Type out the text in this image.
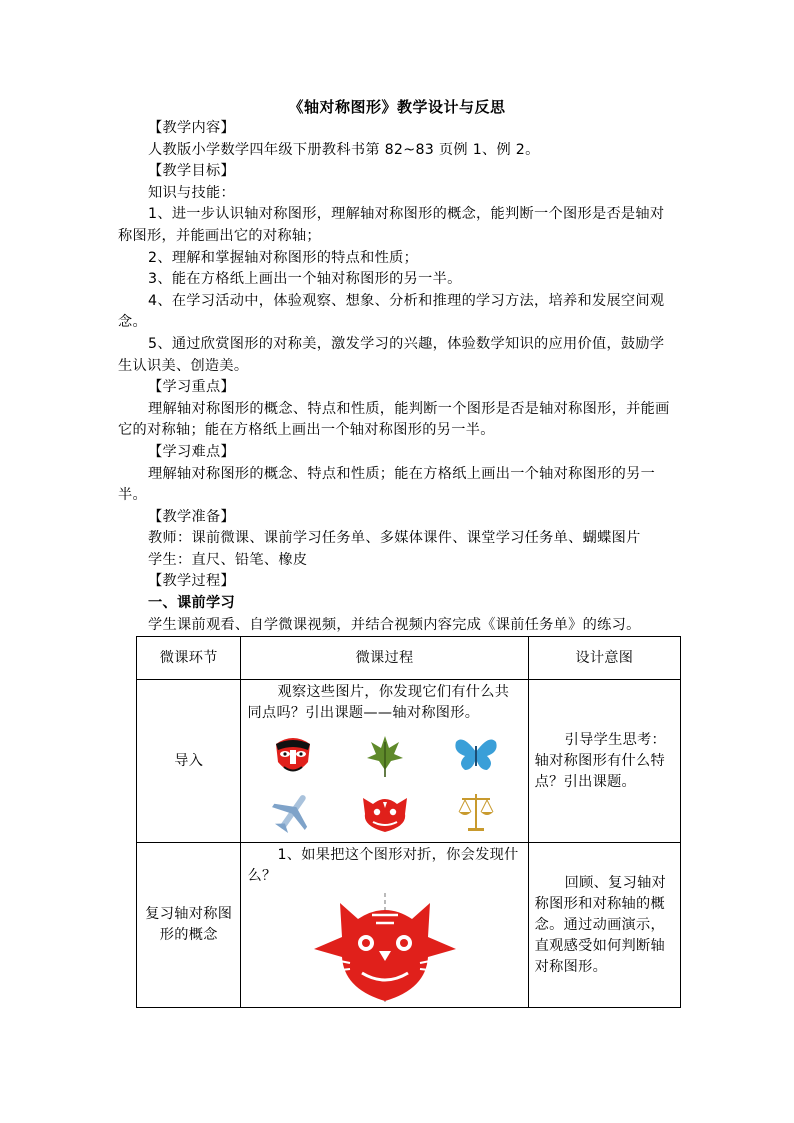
《轴对称图形》教学设计与反思

【教学内容】

人教版小学数学四年级下册教科书第 82~83 页例 1、例 2。

【教学目标】

知识与技能：

1、进一步认识轴对称图形，理解轴对称图形的概念，能判断一个图形是否是轴对称图形，并能画出它的对称轴；

2、理解和掌握轴对称图形的特点和性质；

3、能在方格纸上画出一个轴对称图形的另一半。

4、在学习活动中，体验观察、想象、分析和推理的学习方法，培养和发展空间观念。

5、通过欣赏图形的对称美，激发学习的兴趣，体验数学知识的应用价值，鼓励学生认识美、创造美。

【学习重点】

理解轴对称图形的概念、特点和性质，能判断一个图形是否是轴对称图形，并能画它的对称轴；能在方格纸上画出一个轴对称图形的另一半。

【学习难点】

理解轴对称图形的概念、特点和性质；能在方格纸上画出一个轴对称图形的另一半。

【教学准备】

教师：课前微课、课前学习任务单、多媒体课件、课堂学习任务单、蝴蝶图片

学生：直尺、铅笔、橡皮

【教学过程】

一、课前学习

学生课前观看、自学微课视频，并结合视频内容完成《课前任务单》的练习。

微课环节	微课过程	设计意图
导入	观察这些图片，你发现它们有什么共同点吗？引出课题——轴对称图形。	引导学生思考：轴对称图形有什么特点？引出课题。
复习轴对称图形的概念	1、如果把这个图形对折，你会发现什么？	回顾、复习轴对称图形和对称轴的概念。通过动画演示，直观感受如何判断轴对称图形。
